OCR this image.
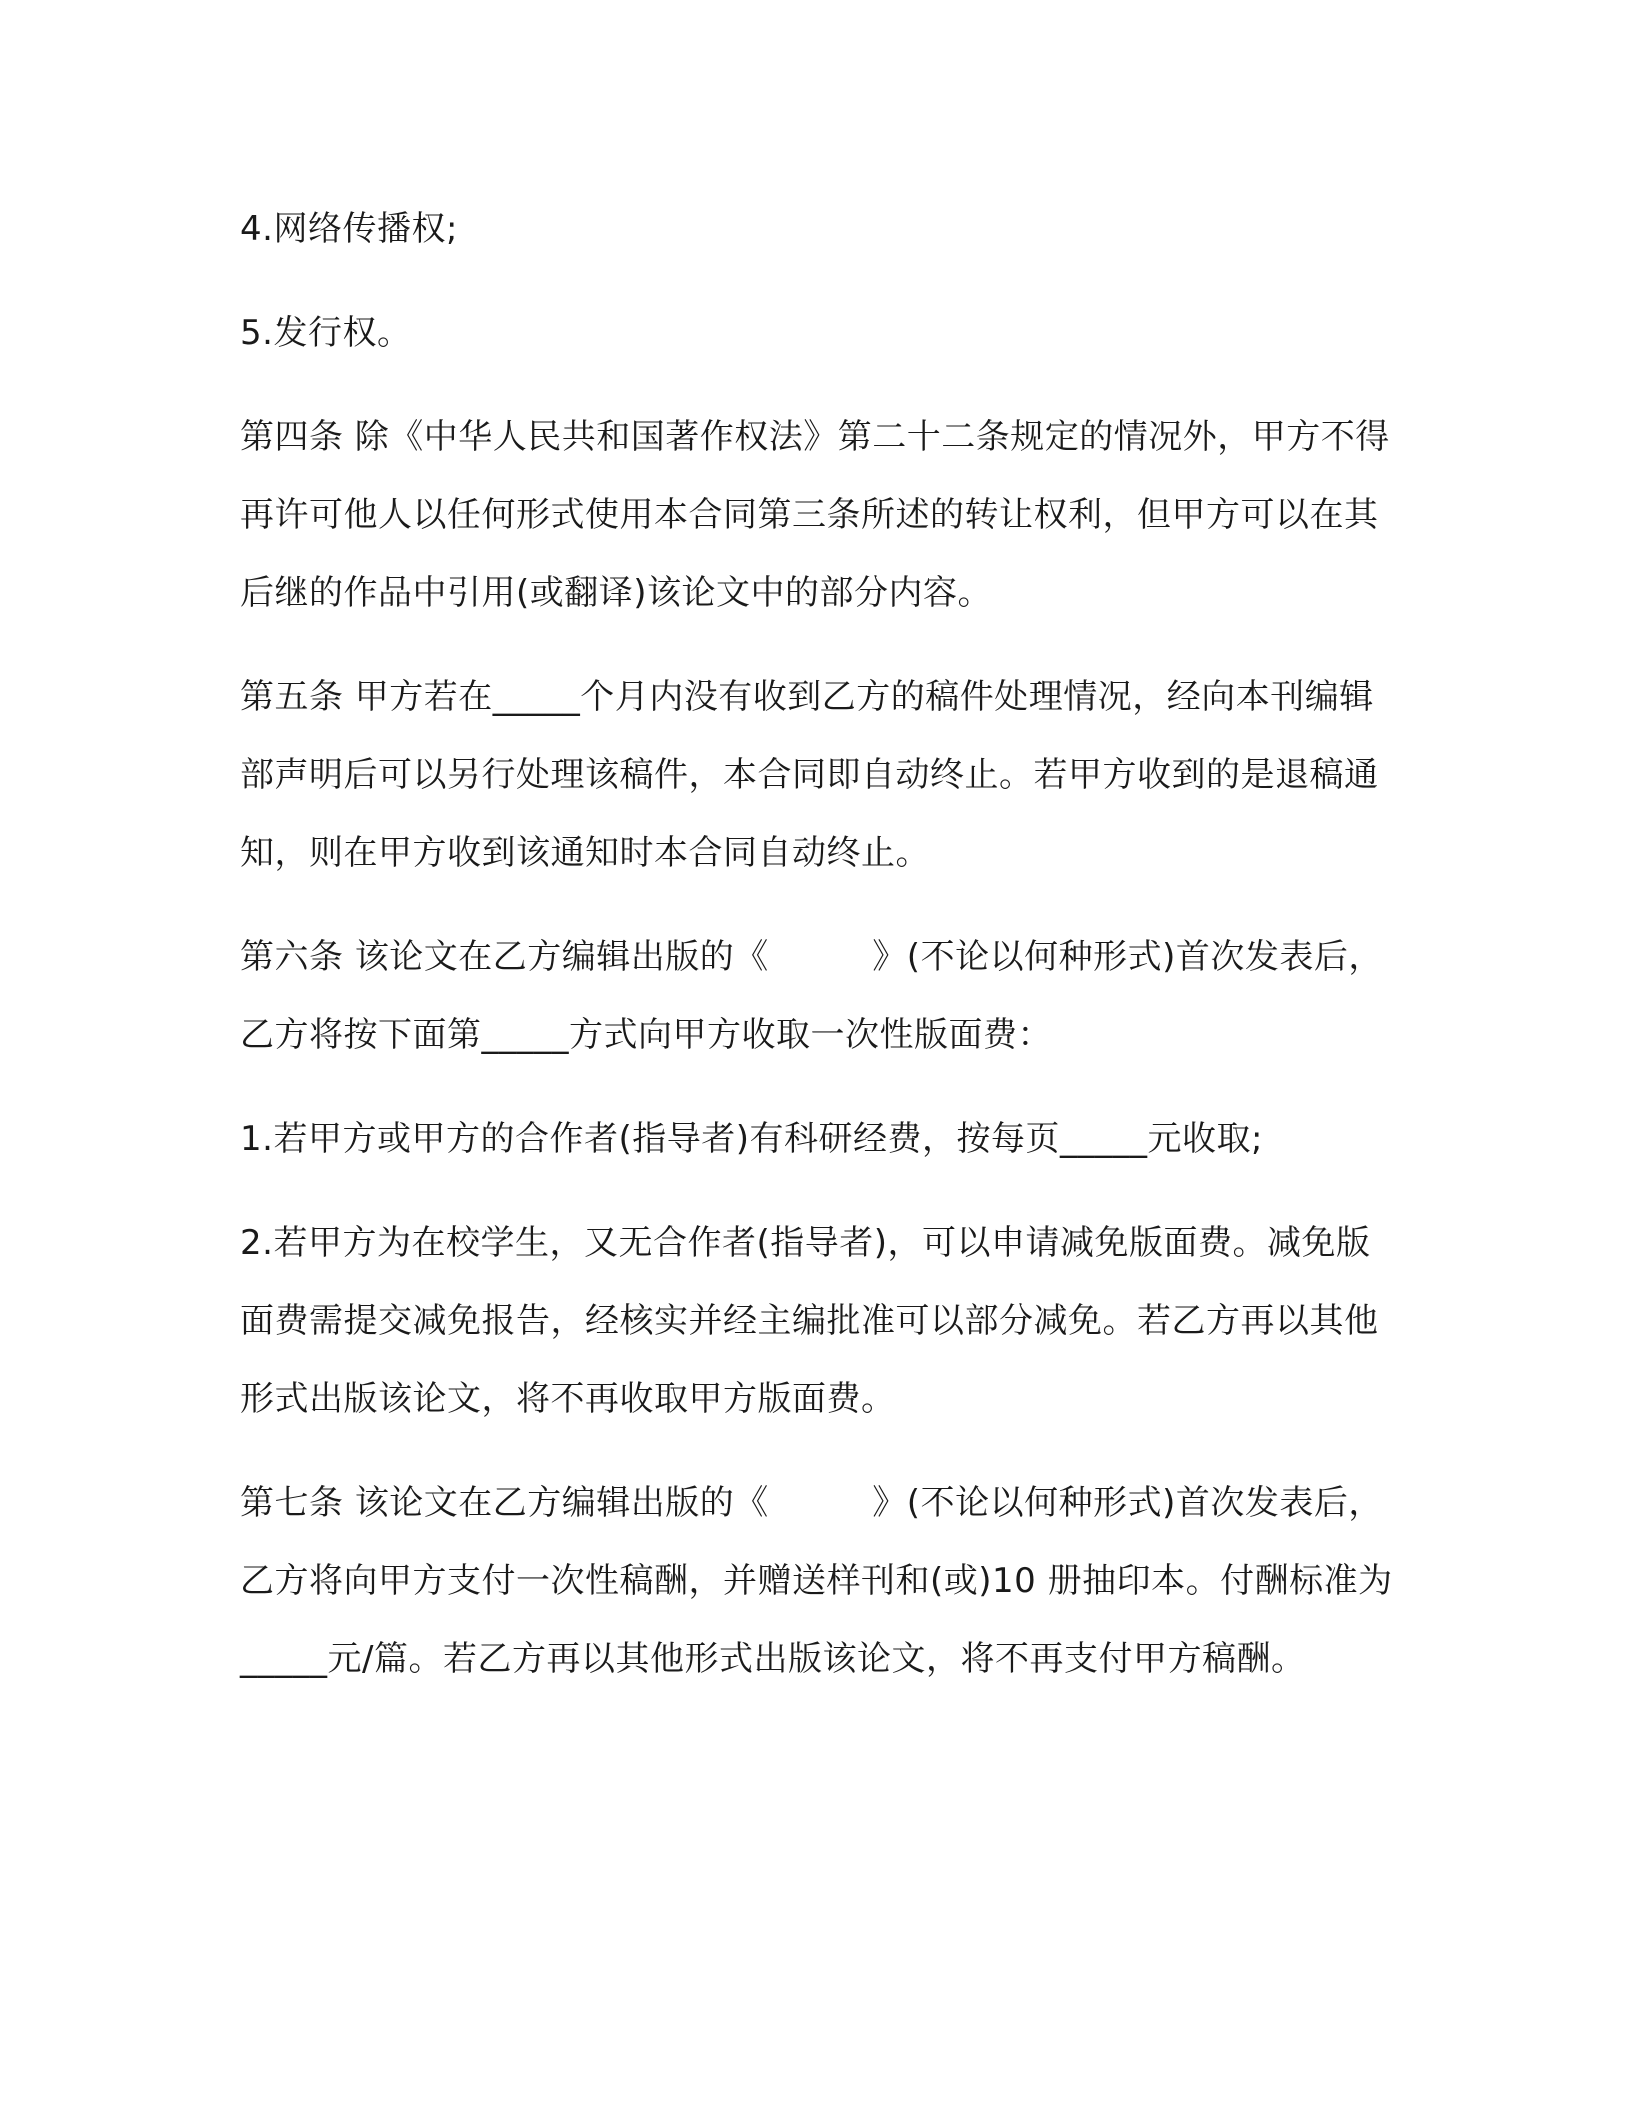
4.网络传播权;

5.发行权。

第四条 除《中华人民共和国著作权法》第二十二条规定的情况外，甲方不得再许可他人以任何形式使用本合同第三条所述的转让权利，但甲方可以在其后继的作品中引用(或翻译)该论文中的部分内容。

第五条 甲方若在_____个月内没有收到乙方的稿件处理情况，经向本刊编辑部声明后可以另行处理该稿件，本合同即自动终止。若甲方收到的是退稿通知，则在甲方收到该通知时本合同自动终止。

第六条 该论文在乙方编辑出版的《　　　》(不论以何种形式)首次发表后，乙方将按下面第_____方式向甲方收取一次性版面费：

1.若甲方或甲方的合作者(指导者)有科研经费，按每页_____元收取;

2.若甲方为在校学生，又无合作者(指导者)，可以申请减免版面费。减免版面费需提交减免报告，经核实并经主编批准可以部分减免。若乙方再以其他形式出版该论文，将不再收取甲方版面费。

第七条 该论文在乙方编辑出版的《　　　》(不论以何种形式)首次发表后，乙方将向甲方支付一次性稿酬，并赠送样刊和(或)10 册抽印本。付酬标准为_____元/篇。若乙方再以其他形式出版该论文，将不再支付甲方稿酬。
